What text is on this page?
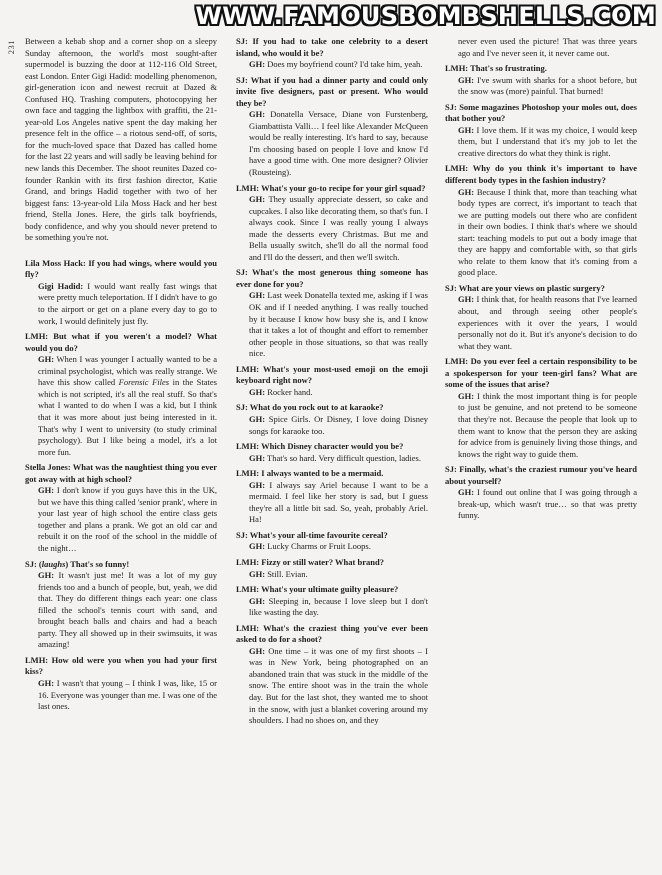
231
WWW.FAMOUSBOMBSHELLS.COM

Between a kebab shop and a corner shop on a sleepy Sunday afternoon, the world's most sought-after supermodel is buzzing the door at 112-116 Old Street, east London. Enter Gigi Hadid: modelling phenomenon, girl-generation icon and newest recruit at Dazed & Confused HQ. Trashing computers, photocopying her own face and tagging the lightbox with graffiti, the 21-year-old Los Angeles native spent the day making her presence felt in the office – a riotous send-off, of sorts, for the much-loved space that Dazed has called home for the last 22 years and will sadly be leaving behind for new lands this December. The shoot reunites Dazed co-founder Rankin with its first fashion director, Katie Grand, and brings Hadid together with two of her biggest fans: 13-year-old Lila Moss Hack and her best friend, Stella Jones. Here, the girls talk boyfriends, body confidence, and why you should never pretend to be something you're not.

Lila Moss Hack: If you had wings, where would you fly?

Gigi Hadid: I would want really fast wings that were pretty much teleportation. If I didn't have to go to the airport or get on a plane every day to go to work, I would definitely just fly.

LMH: But what if you weren't a model? What would you do?

GH: When I was younger I actually wanted to be a criminal psychologist, which was really strange. We have this show called Forensic Files in the States which is not scripted, it's all the real stuff. So that's what I wanted to do when I was a kid, but I think that it was more about just being interested in it. That's why I went to university (to study criminal psychology). But I like being a model, it's a lot more fun.

Stella Jones: What was the naughtiest thing you ever got away with at high school?

GH: I don't know if you guys have this in the UK, but we have this thing called 'senior prank', where in your last year of high school the entire class gets together and plans a prank. We got an old car and rebuilt it on the roof of the school in the middle of the night…

SJ: (laughs) That's so funny!

GH: It wasn't just me! It was a lot of my guy friends too and a bunch of people, but, yeah, we did that. They do different things each year: one class filled the school's tennis court with sand, and brought beach balls and chairs and had a beach party. They all showed up in their swimsuits, it was amazing!

LMH: How old were you when you had your first kiss?

GH: I wasn't that young – I think I was, like, 15 or 16. Everyone was younger than me. I was one of the last ones.

SJ: If you had to take one celebrity to a desert island, who would it be?

GH: Does my boyfriend count? I'd take him, yeah.

SJ: What if you had a dinner party and could only invite five designers, past or present. Who would they be?

GH: Donatella Versace, Diane von Furstenberg, Giambattista Valli… I feel like Alexander McQueen would be really interesting. It's hard to say, because I'm choosing based on people I love and know I'd have a good time with. One more designer? Olivier (Rousteing).

LMH: What's your go-to recipe for your girl squad?

GH: They usually appreciate dessert, so cake and cupcakes. I also like decorating them, so that's fun. I always cook. Since I was really young I always made the desserts every Christmas. But me and Bella usually switch, she'll do all the normal food and I'll do the dessert, and then we'll switch.

SJ: What's the most generous thing someone has ever done for you?

GH: Last week Donatella texted me, asking if I was OK and if I needed anything. I was really touched by it because I know how busy she is, and I know that it takes a lot of thought and effort to remember other people in those situations, so that was really nice.

LMH: What's your most-used emoji on the emoji keyboard right now?

GH: Rocker hand.

SJ: What do you rock out to at karaoke?

GH: Spice Girls. Or Disney, I love doing Disney songs for karaoke too.

LMH: Which Disney character would you be?

GH: That's so hard. Very difficult question, ladies.

LMH: I always wanted to be a mermaid.

GH: I always say Ariel because I want to be a mermaid. I feel like her story is sad, but I guess they're all a little bit sad. So, yeah, probably Ariel. Ha!

SJ: What's your all-time favourite cereal?

GH: Lucky Charms or Fruit Loops.

LMH: Fizzy or still water? What brand?

GH: Still. Evian.

LMH: What's your ultimate guilty pleasure?

GH: Sleeping in, because I love sleep but I don't like wasting the day.

LMH: What's the craziest thing you've ever been asked to do for a shoot?

GH: One time – it was one of my first shoots – I was in New York, being photographed on an abandoned train that was stuck in the middle of the snow. The entire shoot was in the train the whole day. But for the last shot, they wanted me to shoot in the snow, with just a blanket covering around my shoulders. I had no shoes on, and they

never even used the picture! That was three years ago and I've never seen it, it never came out.

LMH: That's so frustrating.

GH: I've swum with sharks for a shoot before, but the snow was (more) painful. That burned!

SJ: Some magazines Photoshop your moles out, does that bother you?

GH: I love them. If it was my choice, I would keep them, but I understand that it's my job to let the creative directors do what they think is right.

LMH: Why do you think it's important to have different body types in the fashion industry?

GH: Because I think that, more than teaching what body types are correct, it's important to teach that we are putting models out there who are confident in their own bodies. I think that's where we should start: teaching models to put out a body image that they are happy and comfortable with, so that girls who relate to them know that it's coming from a good place.

SJ: What are your views on plastic surgery?

GH: I think that, for health reasons that I've learned about, and through seeing other people's experiences with it over the years, I would personally not do it. But it's anyone's decision to do what they want.

LMH: Do you ever feel a certain responsibility to be a spokesperson for your teen-girl fans? What are some of the issues that arise?

GH: I think the most important thing is for people to just be genuine, and not pretend to be someone that they're not. Because the people that look up to them want to know that the person they are asking for advice from is genuinely living those things, and knows the right way to guide them.

SJ: Finally, what's the craziest rumour you've heard about yourself?

GH: I found out online that I was going through a break-up, which wasn't true… so that was pretty funny.
